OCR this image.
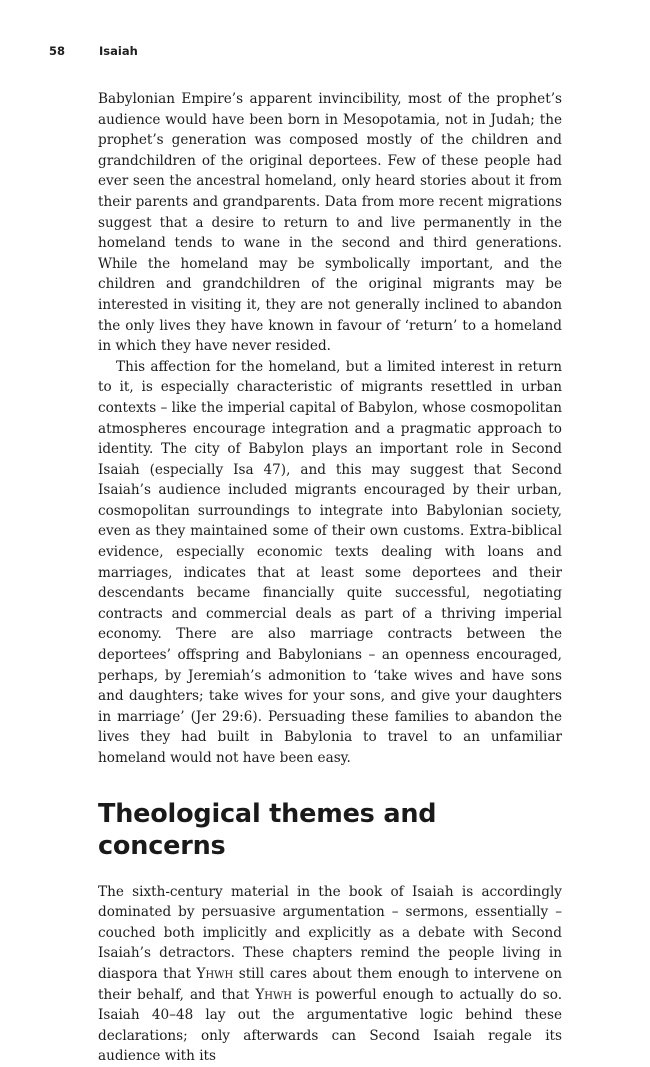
58	Isaiah

Babylonian Empire’s apparent invincibility, most of the prophet’s audience would have been born in Mesopotamia, not in Judah; the prophet’s generation was composed mostly of the children and grandchildren of the original deportees. Few of these people had ever seen the ancestral homeland, only heard stories about it from their parents and grandparents. Data from more recent migrations suggest that a desire to return to and live permanently in the homeland tends to wane in the second and third generations. While the homeland may be symbolically important, and the children and grandchildren of the original migrants may be interested in visiting it, they are not generally inclined to abandon the only lives they have known in favour of ‘return’ to a homeland in which they have never resided.

This affection for the homeland, but a limited interest in return to it, is especially characteristic of migrants resettled in urban contexts – like the imperial capital of Babylon, whose cosmopolitan atmospheres encourage integration and a pragmatic approach to identity. The city of Babylon plays an important role in Second Isaiah (especially Isa 47), and this may suggest that Second Isaiah’s audience included migrants encouraged by their urban, cosmopolitan surroundings to integrate into Babylonian society, even as they maintained some of their own customs. Extra-biblical evidence, especially economic texts dealing with loans and marriages, indicates that at least some deportees and their descendants became financially quite successful, negotiating contracts and commercial deals as part of a thriving imperial economy. There are also marriage contracts between the deportees’ offspring and Babylonians – an openness encouraged, perhaps, by Jeremiah’s admonition to ‘take wives and have sons and daughters; take wives for your sons, and give your daughters in marriage’ (Jer 29:6). Persuading these families to abandon the lives they had built in Babylonia to travel to an unfamiliar homeland would not have been easy.

Theological themes and concerns

The sixth-century material in the book of Isaiah is accordingly dominated by persuasive argumentation – sermons, essentially – couched both implicitly and explicitly as a debate with Second Isaiah’s detractors. These chapters remind the people living in diaspora that Yhwh still cares about them enough to intervene on their behalf, and that Yhwh is powerful enough to actually do so. Isaiah 40–48 lay out the argumentative logic behind these declarations; only afterwards can Second Isaiah regale its audience with its
